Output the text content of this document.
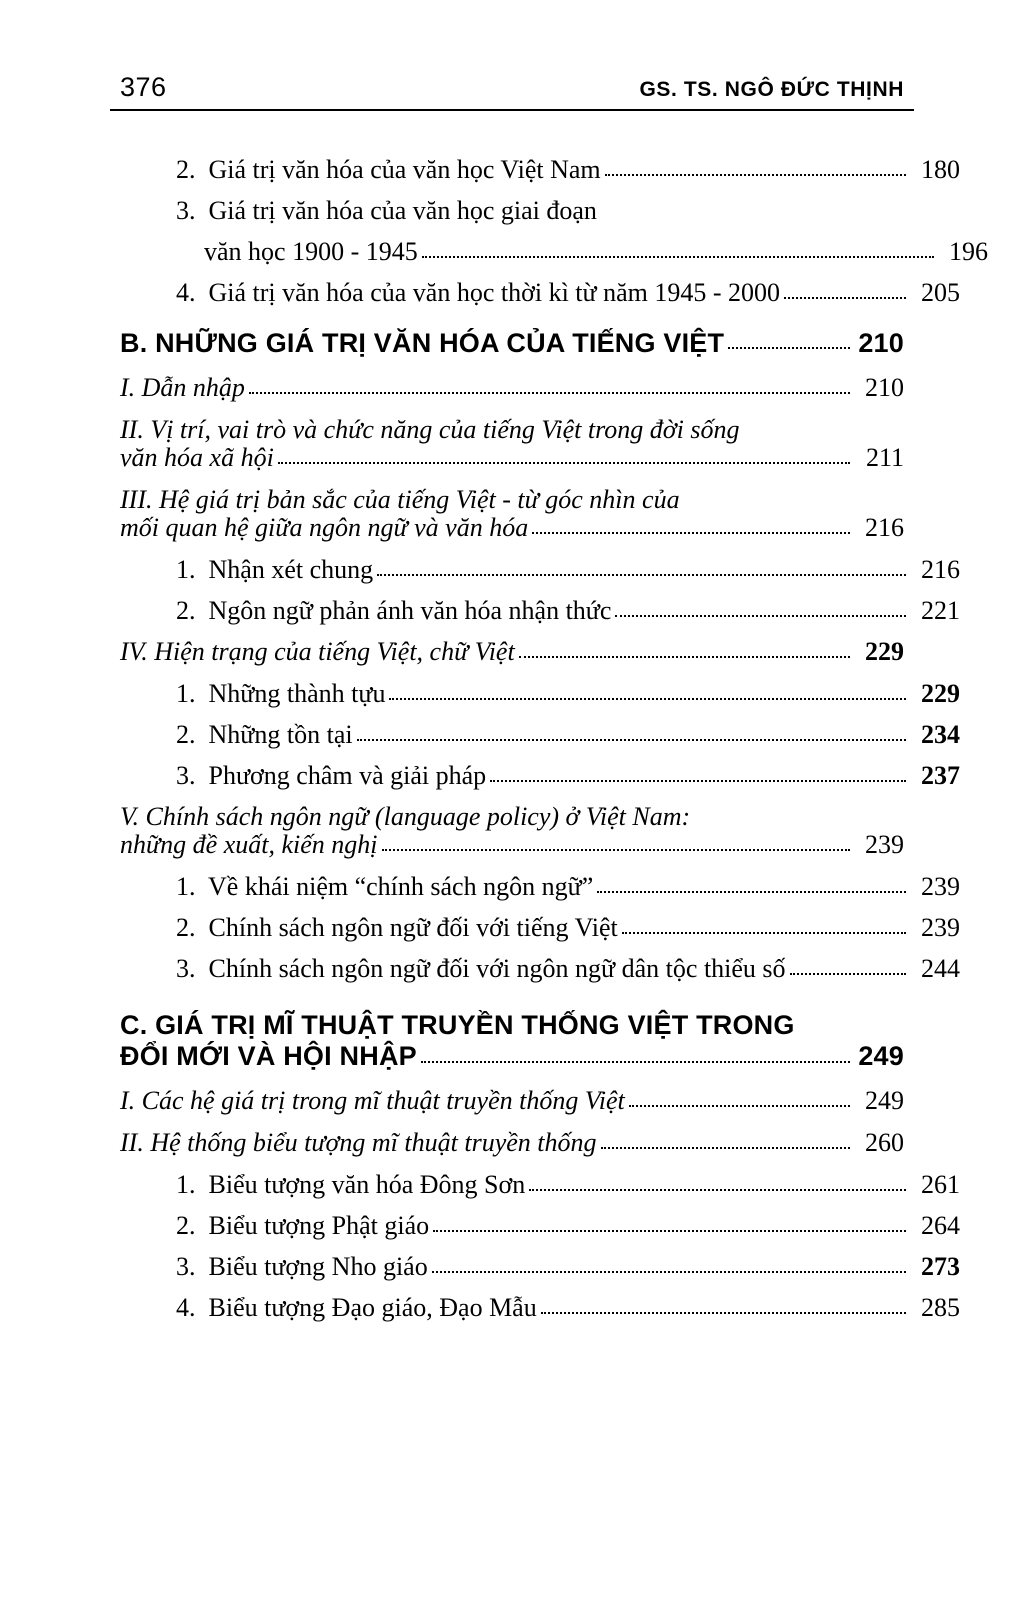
376	GS. TS. NGÔ ĐỨC THỊNH
2.  Giá trị văn hóa của văn học Việt Nam	180
3.  Giá trị văn hóa của văn học giai đoạn
văn học 1900 - 1945	196
4.  Giá trị văn hóa của văn học thời kì từ năm 1945 - 2000	205
B. NHỮNG GIÁ TRỊ VĂN HÓA CỦA TIẾNG VIỆT	210
I. Dẫn nhập	210
II. Vị trí, vai trò và chức năng của tiếng Việt trong đời sống
văn hóa xã hội	211
III. Hệ giá trị bản sắc của tiếng Việt - từ góc nhìn của
mối quan hệ giữa ngôn ngữ và văn hóa	216
1.  Nhận xét chung	216
2.  Ngôn ngữ phản ánh văn hóa nhận thức	221
IV. Hiện trạng của tiếng Việt, chữ Việt	229
1.  Những thành tựu	229
2.  Những tồn tại	234
3.  Phương châm và giải pháp	237
V. Chính sách ngôn ngữ (language policy) ở Việt Nam:
những đề xuất, kiến nghị	239
1.  Về khái niệm “chính sách ngôn ngữ”	239
2.  Chính sách ngôn ngữ đối với tiếng Việt	239
3.  Chính sách ngôn ngữ đối với ngôn ngữ dân tộc thiểu số	244
C. GIÁ TRỊ MĨ THUẬT TRUYỀN THỐNG VIỆT TRONG
ĐỔI MỚI VÀ HỘI NHẬP	249
I. Các hệ giá trị trong mĩ thuật truyền thống Việt	249
II. Hệ thống biểu tượng mĩ thuật truyền thống	260
1.  Biểu tượng văn hóa Đông Sơn	261
2.  Biểu tượng Phật giáo	264
3.  Biểu tượng Nho giáo	273
4.  Biểu tượng Đạo giáo, Đạo Mẫu	285
